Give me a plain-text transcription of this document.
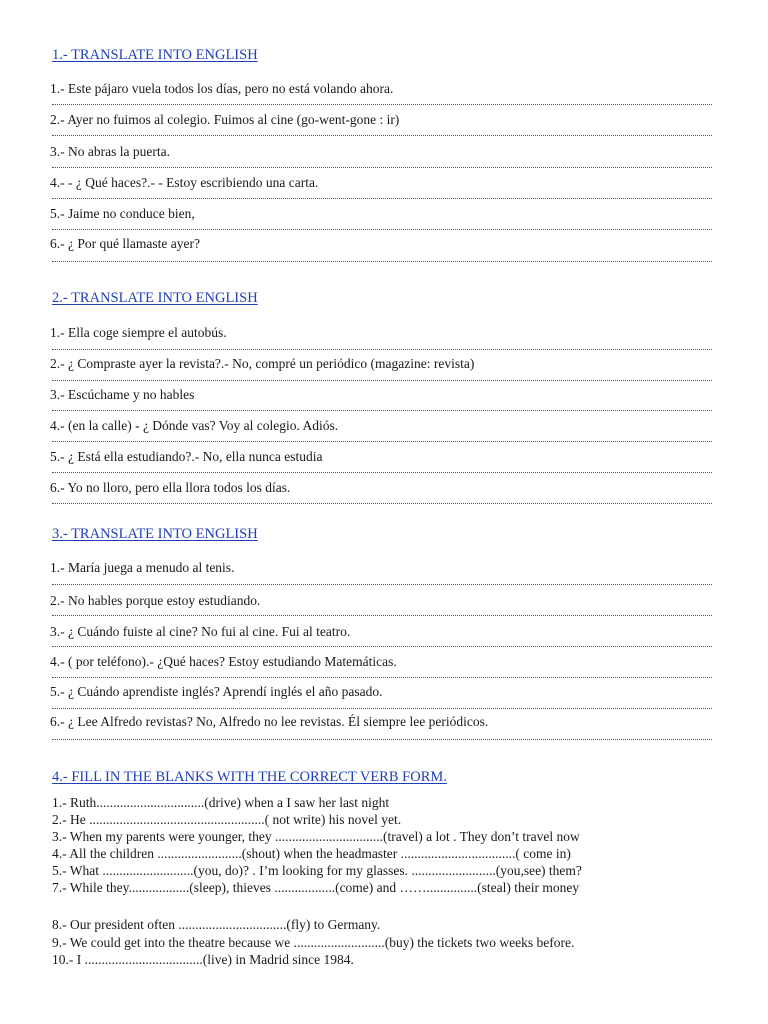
1.- TRANSLATE INTO ENGLISH
1.- Este pájaro vuela todos los días, pero no está volando ahora.
2.- Ayer no fuimos al colegio. Fuimos al cine (go-went-gone : ir)
3.- No abras la puerta.
4.- - ¿ Qué haces?.- - Estoy escribiendo una carta.
5.- Jaime no conduce bien,
6.- ¿ Por qué llamaste ayer?
2.- TRANSLATE INTO ENGLISH
1.- Ella coge siempre el autobús.
2.- ¿ Compraste ayer la revista?.- No, compré un periódico (magazine: revista)
3.- Escúchame y no hables
4.- (en la calle) - ¿ Dónde vas? Voy al colegio. Adiós.
5.- ¿ Está ella estudiando?.- No, ella nunca estudia
6.- Yo no lloro, pero ella llora todos los días.
3.- TRANSLATE INTO ENGLISH
1.- María juega a menudo al tenis.
2.- No hables porque estoy estudiando.
3.- ¿ Cuándo fuiste al cine? No fui al cine. Fui al teatro.
4.- ( por teléfono).- ¿Qué haces? Estoy estudiando Matemáticas.
5.- ¿ Cuándo aprendiste inglés? Aprendí inglés el año pasado.
6.- ¿ Lee Alfredo revistas? No, Alfredo no lee revistas. Él siempre lee periódicos.
4.- FILL IN THE BLANKS WITH THE CORRECT VERB FORM.
1.- Ruth................................(drive) when a I saw her last night
2.- He ....................................................( not write) his novel yet.
3.- When my parents were younger, they ................................(travel) a lot . They don’t travel now
4.- All the children .........................(shout) when the headmaster ..................................( come in)
5.- What ...........................(you, do)? . I’m looking for my glasses. .........................(you,see) them?
7.- While they..................(sleep), thieves ..................(come) and ……...............(steal) their money
8.- Our president often ................................(fly) to Germany.
9.- We could get into the theatre because we ...........................(buy) the tickets two weeks before.
10.- I ...................................(live) in Madrid since 1984.
